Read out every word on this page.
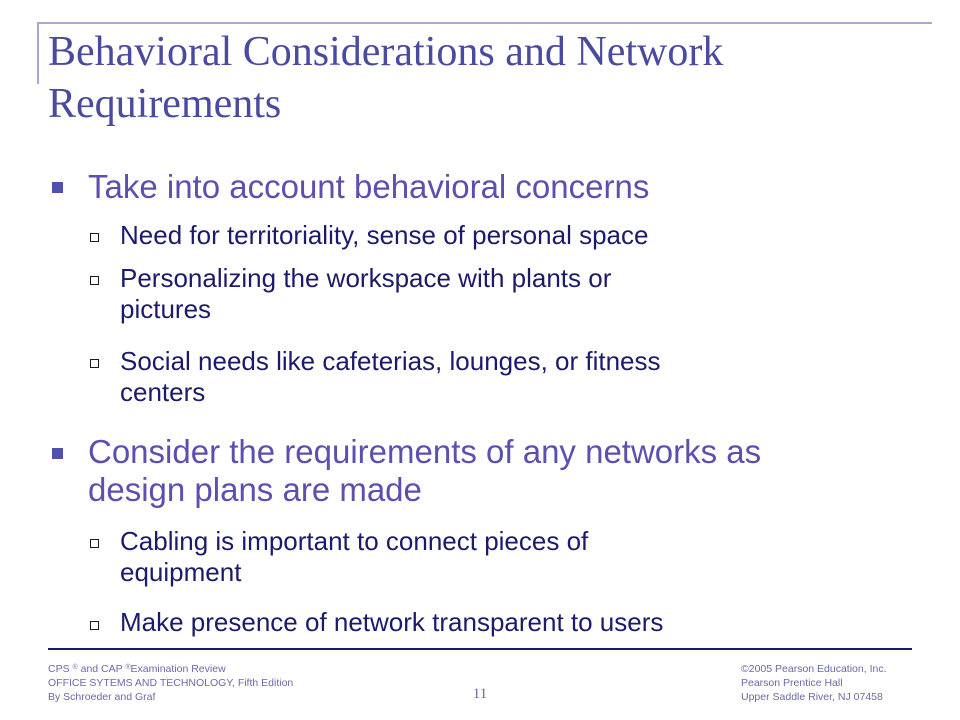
Behavioral Considerations and Network
Requirements
Take into account behavioral concerns
Need for territoriality, sense of personal space
Personalizing the workspace with plants or
pictures
Social needs like cafeterias, lounges, or fitness
centers
Consider the requirements of any networks as
design plans are made
Cabling is important to connect pieces of
equipment
Make presence of network transparent to users
CPS ® and CAP ®Examination Review
OFFICE SYTEMS AND TECHNOLOGY, Fifth Edition
By Schroeder and Graf	11
©2005 Pearson Education, Inc.
Pearson Prentice Hall
Upper Saddle River, NJ 07458
